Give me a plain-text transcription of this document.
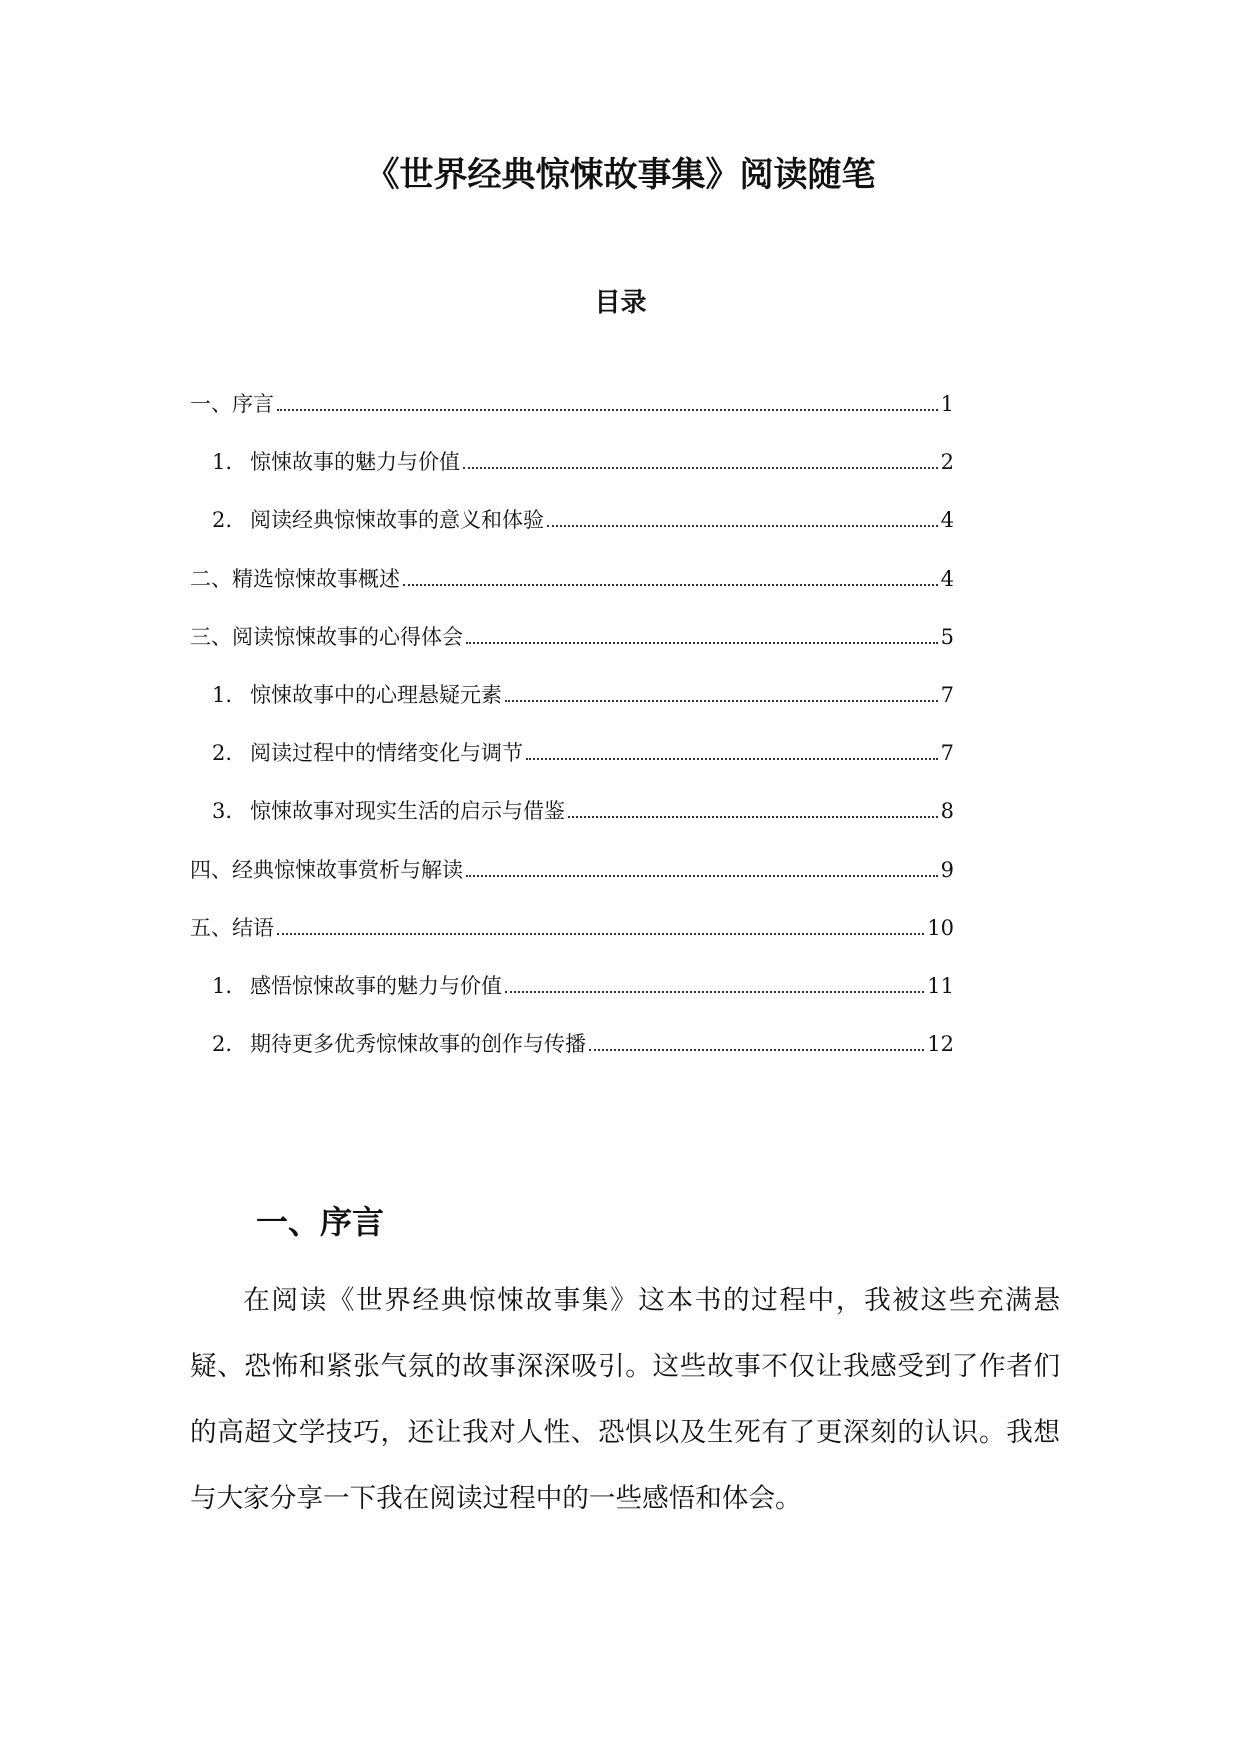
《世界经典惊悚故事集》阅读随笔
目录
一、序言	1
1. 惊悚故事的魅力与价值	2
2. 阅读经典惊悚故事的意义和体验	4
二、精选惊悚故事概述	4
三、阅读惊悚故事的心得体会	5
1. 惊悚故事中的心理悬疑元素	7
2. 阅读过程中的情绪变化与调节	7
3. 惊悚故事对现实生活的启示与借鉴	8
四、经典惊悚故事赏析与解读	9
五、结语	10
1. 感悟惊悚故事的魅力与价值	11
2. 期待更多优秀惊悚故事的创作与传播	12
一、序言

在阅读《世界经典惊悚故事集》这本书的过程中，我被这些充满悬疑、恐怖和紧张气氛的故事深深吸引。这些故事不仅让我感受到了作者们的高超文学技巧，还让我对人性、恐惧以及生死有了更深刻的认识。我想与大家分享一下我在阅读过程中的一些感悟和体会。
